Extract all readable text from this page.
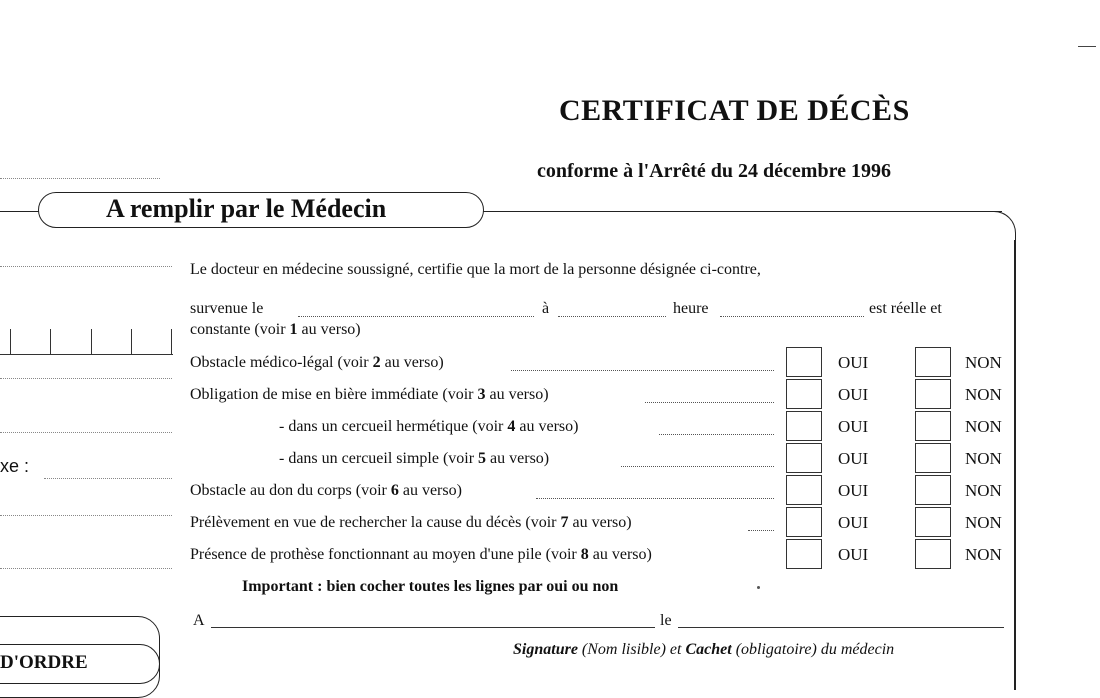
CERTIFICAT DE DÉCÈS
conforme à l'Arrêté du 24 décembre 1996
xe :
D'ORDRE
A remplir par le Médecin
Le docteur en médecine soussigné, certifie que la mort de la personne désignée ci-contre,
survenue le	à	heure	est réelle et
constante (voir 1 au verso)
Obstacle médico-légal (voir 2 au verso)	OUI	NON
Obligation de mise en bière immédiate (voir 3 au verso)	OUI	NON
- dans un cercueil hermétique (voir 4 au verso)	OUI	NON
- dans un cercueil simple (voir 5 au verso)	OUI	NON
Obstacle au don du corps (voir 6 au verso)	OUI	NON
Prélèvement en vue de rechercher la cause du décès (voir 7 au verso)	OUI	NON
Présence de prothèse fonctionnant au moyen d'une pile (voir 8 au verso)	OUI	NON
Important : bien cocher toutes les lignes par oui ou non
A	le
Signature (Nom lisible) et Cachet (obligatoire) du médecin
